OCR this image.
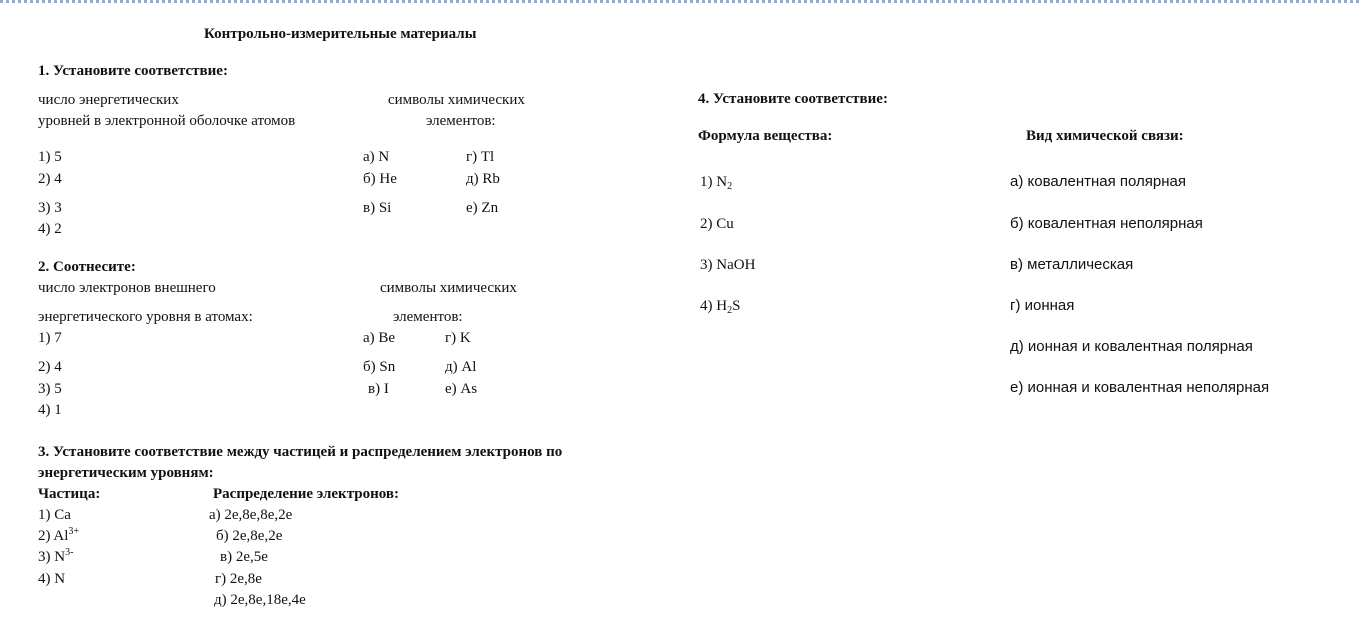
Контрольно-измерительные материалы
1. Установите соответствие:
число энергетических
уровней в электронной оболочке атомов
символы химических
элементов:
1) 5
2) 4
3) 3
4) 2
а) N
б) He
в) Si
г) Tl
д) Rb
е) Zn
2. Соотнесите:
число электронов внешнего
энергетического уровня в атомах:
символы химических
элементов:
1) 7
2) 4
3) 5
4) 1
а) Be
б) Sn
в) I
г) K
д) Al
е) As
3. Установите соответствие между частицей и распределением электронов по
энергетическим уровням:
Частица:	Распределение электронов:
1) Ca
2) $Al^{3+}$
3) $N^{3-}$
4) N
а) 2е,8е,8е,2е
б) 2е,8е,2е
в) 2е,5е
г) 2е,8е
д) 2е,8е,18е,4е
4. Установите соответствие:
Формула вещества:	Вид химической связи:
1) $N_2$
2) Cu
3) NaOH
4) $H_2S$
а) ковалентная полярная
б) ковалентная неполярная
в) металлическая
г) ионная
д) ионная и ковалентная полярная
е) ионная и ковалентная неполярная
